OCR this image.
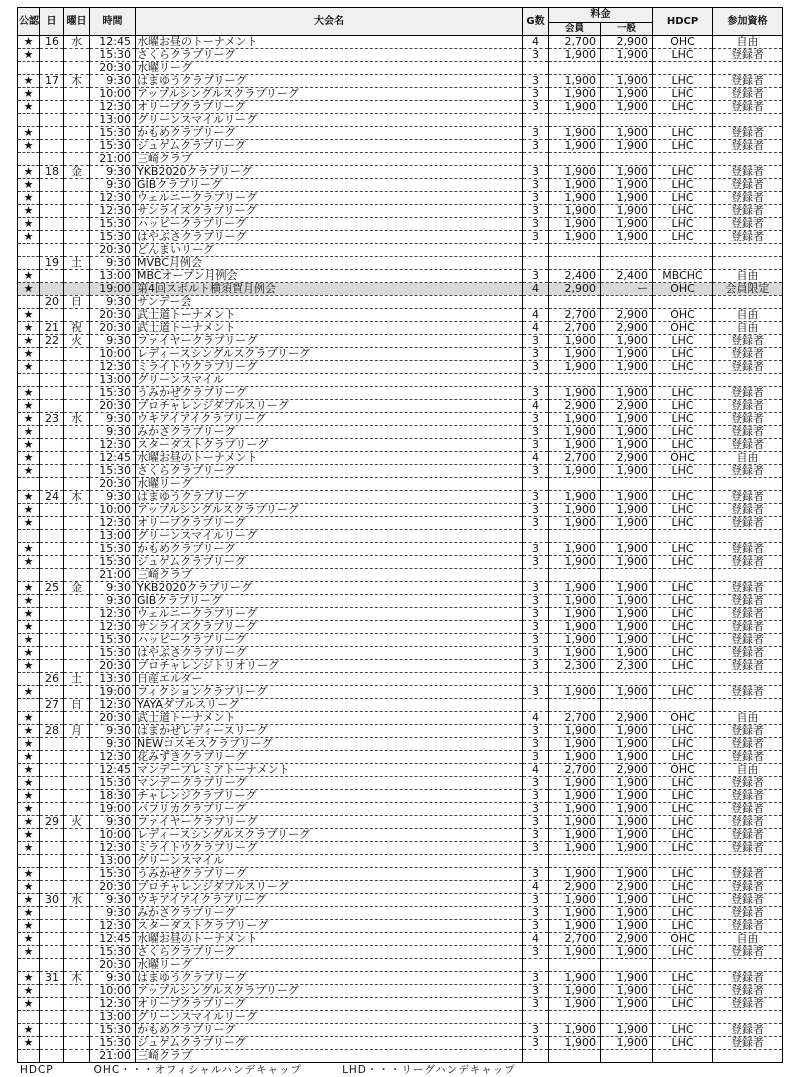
公認	日	曜日	時間	大会名	G数	料金		HDCP	参加資格
						会員	一般		
★	16	水	12:45	水曜お昼のトーナメント	4	2,700	2,900	OHC	自由
★			15:30	さくらクラブリーグ	3	1,900	1,900	LHC	登録者
			20:30	水曜リーグ					
★	17	木	9:30	はまゆうクラブリーグ	3	1,900	1,900	LHC	登録者
★			10:00	アップルシングルスクラブリーグ	3	1,900	1,900	LHC	登録者
★			12:30	オリーブクラブリーグ	3	1,900	1,900	LHC	登録者
			13:00	グリーンスマイルリーグ					
★			15:30	かもめクラブリーグ	3	1,900	1,900	LHC	登録者
★			15:30	ジュゲムクラブリーグ	3	1,900	1,900	LHC	登録者
			21:00	三崎クラブ					
★	18	金	9:30	YKB2020クラブリーグ	3	1,900	1,900	LHC	登録者
★			9:30	GIBクラブリーグ	3	1,900	1,900	LHC	登録者
★			12:30	ウェルニークラブリーグ	3	1,900	1,900	LHC	登録者
★			12:30	サンライズクラブリーグ	3	1,900	1,900	LHC	登録者
★			15:30	ハッピークラブリーグ	3	1,900	1,900	LHC	登録者
★			15:30	はやぶさクラブリーグ	3	1,900	1,900	LHC	登録者
			20:30	どんまいリーグ					
	19	土	9:30	MVBC月例会					
★			13:00	MBCオープン月例会	3	2,400	2,400	MBCHC	自由
★			19:00	第4回スポルト横須賀月例会	4	2,900	ー	OHC	会員限定
	20	日	9:30	サンデー会					
★			20:30	武士道トーナメント	4	2,700	2,900	OHC	自由
★	21	祝	20:30	武士道トーナメント	4	2,700	2,900	OHC	自由
★	22	火	9:30	ファイヤークラブリーグ	3	1,900	1,900	LHC	登録者
★			10:00	レディースシングルスクラブリーグ	3	1,900	1,900	LHC	登録者
★			12:30	ミライトウクラブリーグ	3	1,900	1,900	LHC	登録者
			13:00	グリーンスマイル					
★			15:30	うみかぜクラブリーグ	3	1,900	1,900	LHC	登録者
★			20:30	プロチャレンジダブルスリーグ	4	2,900	2,900	LHC	登録者
★	23	水	9:30	ウキアイアイクラブリーグ	3	1,900	1,900	LHC	登録者
★			9:30	みかさクラブリーグ	3	1,900	1,900	LHC	登録者
★			12:30	スターダストクラブリーグ	3	1,900	1,900	LHC	登録者
★			12:45	水曜お昼のトーナメント	4	2,700	2,900	OHC	自由
★			15:30	さくらクラブリーグ	3	1,900	1,900	LHC	登録者
			20:30	水曜リーグ					
★	24	木	9:30	はまゆうクラブリーグ	3	1,900	1,900	LHC	登録者
★			10:00	アップルシングルスクラブリーグ	3	1,900	1,900	LHC	登録者
★			12:30	オリーブクラブリーグ	3	1,900	1,900	LHC	登録者
			13:00	グリーンスマイルリーグ					
★			15:30	かもめクラブリーグ	3	1,900	1,900	LHC	登録者
★			15:30	ジュゲムクラブリーグ	3	1,900	1,900	LHC	登録者
			21:00	三崎クラブ					
★	25	金	9:30	YKB2020クラブリーグ	3	1,900	1,900	LHC	登録者
★			9:30	GIBクラブリーグ	3	1,900	1,900	LHC	登録者
★			12:30	ウェルニークラブリーグ	3	1,900	1,900	LHC	登録者
★			12:30	サンライズクラブリーグ	3	1,900	1,900	LHC	登録者
★			15:30	ハッピークラブリーグ	3	1,900	1,900	LHC	登録者
★			15:30	はやぶさクラブリーグ	3	1,900	1,900	LHC	登録者
★			20:30	プロチャレンジトリオリーグ	3	2,300	2,300	LHC	登録者
	26	土	13:30	日産エルダー					
★			19:00	フィクションクラブリーグ	3	1,900	1,900	LHC	登録者
	27	日	12:30	YAYAダブルスリーグ					
★			20:30	武士道トーナメント	4	2,700	2,900	OHC	自由
★	28	月	9:30	はまかぜレディースリーグ	3	1,900	1,900	LHC	登録者
★			9:30	NEWコスモスクラブリーグ	3	1,900	1,900	LHC	登録者
★			12:30	花みずきクラブリーグ	3	1,900	1,900	LHC	登録者
★			12:45	マンデープレミアトーナメント	4	2,700	2,900	OHC	自由
★			15:30	マンデークラブリーグ	3	1,900	1,900	LHC	登録者
★			18:30	チャレンジクラブリーグ	3	1,900	1,900	LHC	登録者
★			19:00	パフリカクラブリーグ	3	1,900	1,900	LHC	登録者
★	29	火	9:30	ファイヤークラブリーグ	3	1,900	1,900	LHC	登録者
★			10:00	レディースシングルスクラブリーグ	3	1,900	1,900	LHC	登録者
★			12:30	ミライトウクラブリーグ	3	1,900	1,900	LHC	登録者
			13:00	グリーンスマイル					
★			15:30	うみかぜクラブリーグ	3	1,900	1,900	LHC	登録者
★			20:30	プロチャレンジダブルスリーグ	4	2,900	2,900	LHC	登録者
★	30	水	9:30	ウキアイアイクラブリーグ	3	1,900	1,900	LHC	登録者
★			9:30	みかさクラブリーグ	3	1,900	1,900	LHC	登録者
★			12:30	スターダストクラブリーグ	3	1,900	1,900	LHC	登録者
★			12:45	水曜お昼のトーナメント	4	2,700	2,900	OHC	自由
★			15:30	さくらクラブリーグ	3	1,900	1,900	LHC	登録者
			20:30	水曜リーグ					
★	31	木	9:30	はまゆうクラブリーグ	3	1,900	1,900	LHC	登録者
★			10:00	アップルシングルスクラブリーグ	3	1,900	1,900	LHC	登録者
★			12:30	オリーブクラブリーグ	3	1,900	1,900	LHC	登録者
			13:00	グリーンスマイルリーグ					
★			15:30	かもめクラブリーグ	3	1,900	1,900	LHC	登録者
★			15:30	ジュゲムクラブリーグ	3	1,900	1,900	LHC	登録者
			21:00	三崎クラブ					
HDCP	OHC・・・オフィシャルハンデキャップ	LHD・・・リーグハンデキャップ
